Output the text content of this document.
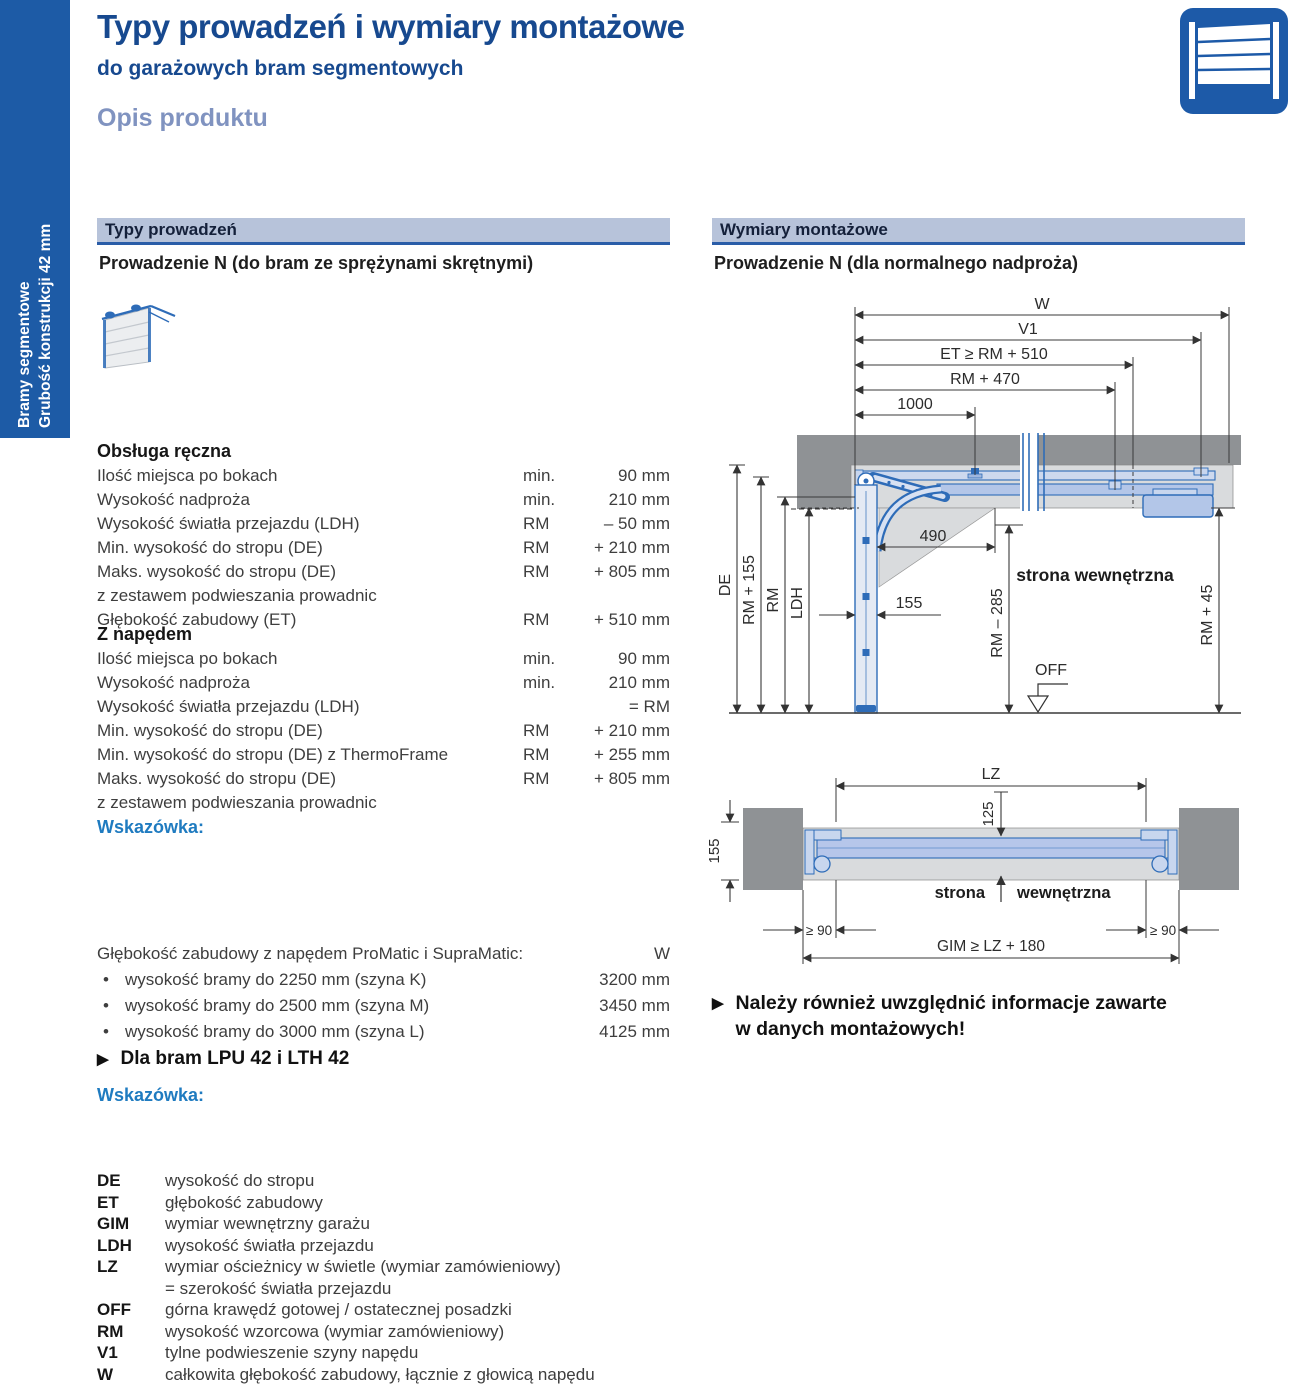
Bramy segmentowe Grubość konstrukcji 42 mm
Typy prowadzeń i wymiary montażowe
do garażowych bram segmentowych
Opis produktu
Typy prowadzeń	Wymiary montażowe
Prowadzenie N (do bram ze sprężynami skrętnymi)	Prowadzenie N (dla normalnego nadproża)
Obsługa ręczna
Ilość miejsca po bokach	min.	90 mm
Wysokość nadproża	min.	210 mm
Wysokość światła przejazdu (LDH)	RM	– 50 mm
Min. wysokość do stropu (DE)	RM	+ 210 mm
Maks. wysokość do stropu (DE)	RM	+ 805 mm
z zestawem podwieszania prowadnic
Głębokość zabudowy (ET)	RM	+ 510 mm
Z napędem
Ilość miejsca po bokach	min.	90 mm
Wysokość nadproża	min.	210 mm
Wysokość światła przejazdu (LDH)	= RM
Min. wysokość do stropu (DE)	RM	+ 210 mm
Min. wysokość do stropu (DE) z ThermoFrame	RM	+ 255 mm
Maks. wysokość do stropu (DE)	RM	+ 805 mm
z zestawem podwieszania prowadnic
Wskazówka:
Głębokość zabudowy z napędem ProMatic i SupraMatic:	W
• wysokość bramy do 2250 mm (szyna K)	3200 mm
• wysokość bramy do 2500 mm (szyna M)	3450 mm
• wysokość bramy do 3000 mm (szyna L)	4125 mm
▶ Dla bram LPU 42 i LTH 42
Wskazówka:
DE	wysokość do stropu
ET	głębokość zabudowy
GIM	wymiar wewnętrzny garażu
LDH	wysokość światła przejazdu
LZ	wymiar ościeżnicy w świetle (wymiar zamówieniowy)
= szerokość światła przejazdu
OFF	górna krawędź gotowej / ostatecznej posadzki
RM	wysokość wzorcowa (wymiar zamówieniowy)
V1	tylne podwieszenie szyny napędu
W	całkowita głębokość zabudowy, łącznie z głowicą napędu
W
V1
ET ≥ RM + 510
RM + 470
1000
DE RM + 155 RM LDH
490
155	RM – 285	RM + 45
strona wewnętrzna
OFF
LZ
125
155
strona wewnętrzna
≥ 90	≥ 90
GIM ≥ LZ + 180
▶ Należy również uwzględnić informacje zawarte
w danych montażowych!
